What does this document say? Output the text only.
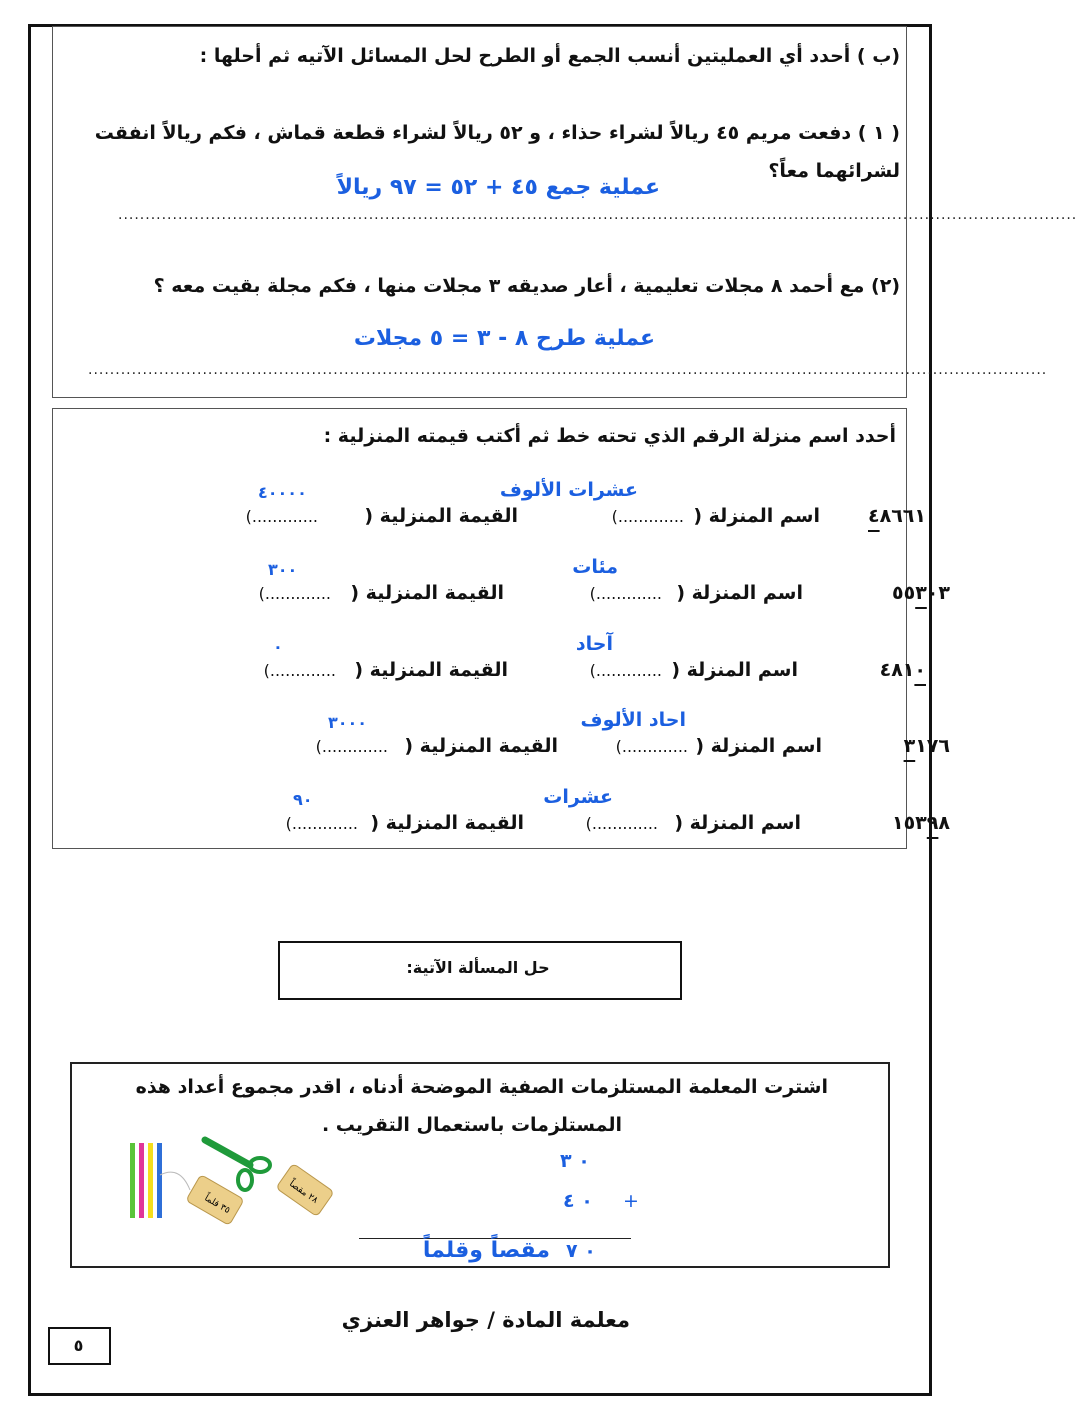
(ب ) أحدد أي العمليتين أنسب الجمع أو الطرح لحل المسائل الآتيه ثم أحلها :
( ١ ) دفعت مريم ٤٥ ريالاً لشراء حذاء ، و ٥٢ ريالاً لشراء قطعة قماش ، فكم ريالاً انفقت
لشرائهما معاً؟
عملية جمع ٤٥ + ٥٢ = ٩٧ ريالاً
................................................................................................................................................................................
(٢) مع أحمد ٨ مجلات تعليمية ، أعار صديقه ٣ مجلات منها ، فكم مجلة بقيت معه ؟
عملية طرح ٨ - ٣ = ٥ مجلات
................................................................................................................................................................................
أحدد اسم منزلة الرقم الذي تحته خط ثم أكتب قيمته المنزلية :
٤٨٦٦١
اسم المنزلة (
(.............
عشرات الألوف
القيمة المنزلية (
(.............
٤٠٠٠٠
٥٥٣٠٣
اسم المنزلة (
(.............
مئات
القيمة المنزلية (
(.............
٣٠٠
٤٨١٠
اسم المنزلة (
(.............
آحاد
القيمة المنزلية (
(.............
٠
٣١٧٦
اسم المنزلة (
(.............
احاد الألوف
القيمة المنزلية (
(.............
٣٠٠٠
١٥٣٩٨
اسم المنزلة (
(.............
عشرات
القيمة المنزلية (
(.............
٩٠
حل المسألة الآتية:
اشترت المعلمة المستلزمات الصفية الموضحة أدناه ، اقدر مجموع أعداد هذه
المستلزمات باستعمال التقريب .
٣ ٠
٤ ٠ +
٧ ٠
مقصاً وقلماً
٣٥ قلماً
٢٨ مقصاً
معلمة المادة / جواهر العنزي
٥
